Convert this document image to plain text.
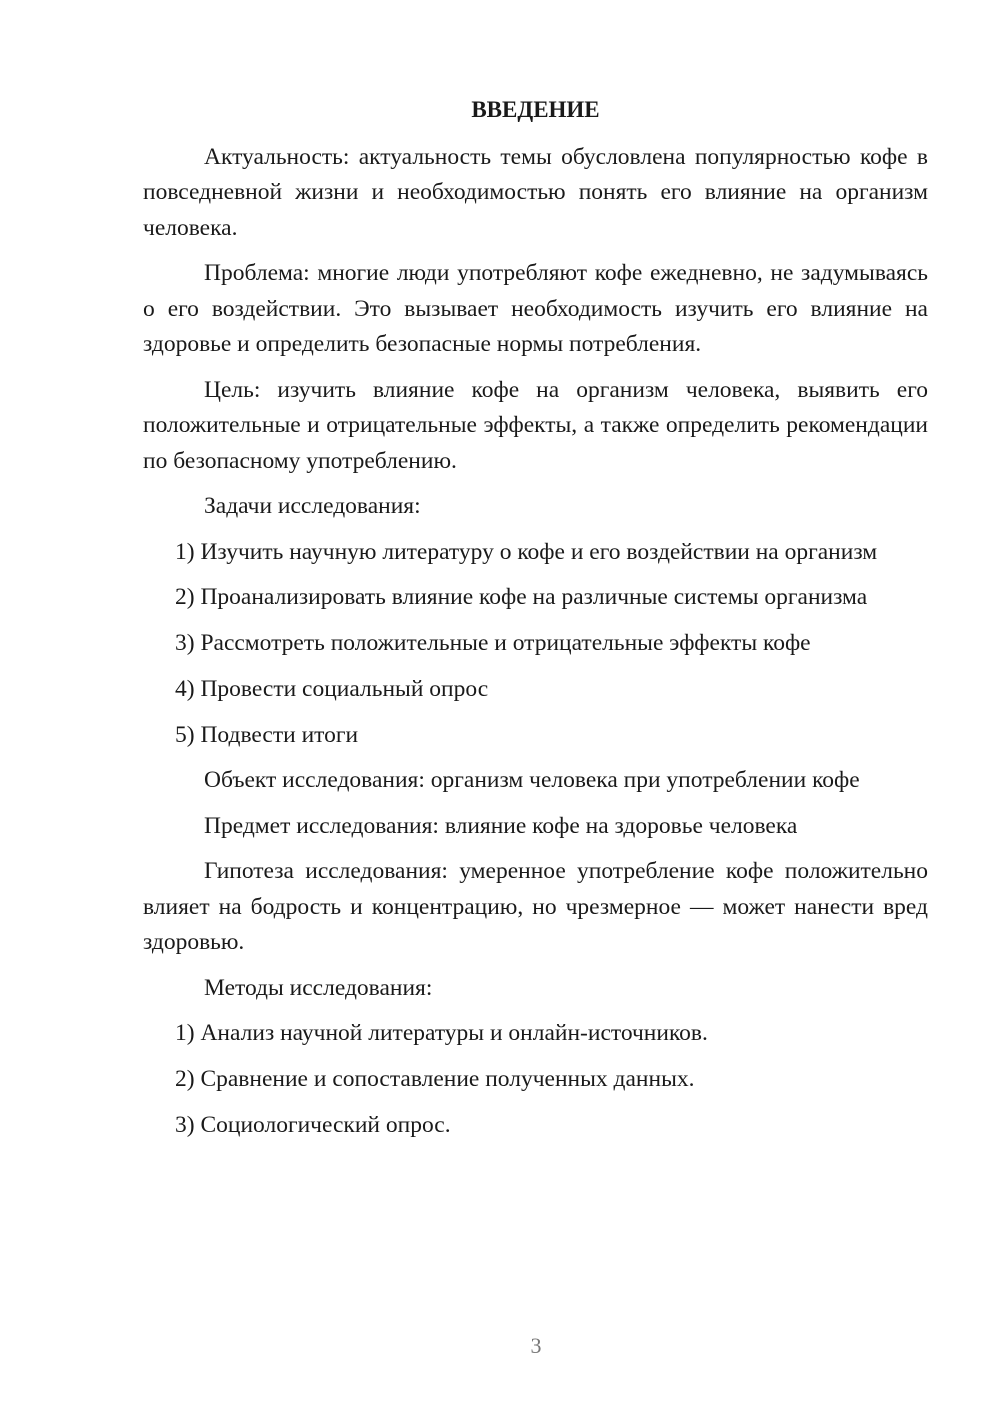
ВВЕДЕНИЕ

Актуальность: актуальность темы обусловлена популярностью кофе в повседневной жизни и необходимостью понять его влияние на организм человека.

Проблема: многие люди употребляют кофе ежедневно, не задумываясь о его воздействии. Это вызывает необходимость изучить его влияние на здоровье и определить безопасные нормы потребления.

Цель: изучить влияние кофе на организм человека, выявить его положительные и отрицательные эффекты, а также определить рекомендации по безопасному употреблению.

Задачи исследования:
1) Изучить научную литературу о кофе и его воздействии на организм
2) Проанализировать влияние кофе на различные системы организма
3) Рассмотреть положительные и отрицательные эффекты кофе
4) Провести социальный опрос
5) Подвести итоги
Объект исследования: организм человека при употреблении кофе
Предмет исследования: влияние кофе на здоровье человека

Гипотеза исследования: умеренное употребление кофе положительно влияет на бодрость и концентрацию, но чрезмерное — может нанести вред здоровью.

Методы исследования:
1) Анализ научной литературы и онлайн-источников.
2) Сравнение и сопоставление полученных данных.
3) Социологический опрос.
3
